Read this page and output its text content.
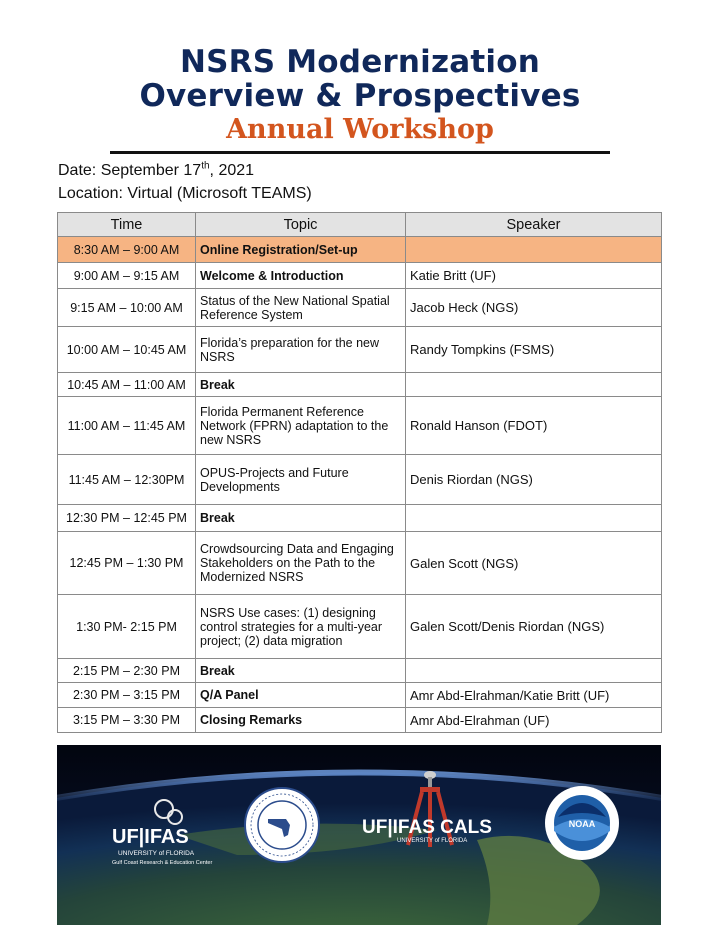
NSRS Modernization
Overview & Prospectives
Annual Workshop
Date: September 17th, 2021
Location: Virtual (Microsoft TEAMS)
Time	Topic	Speaker
8:30 AM – 9:00 AM	Online Registration/Set-up	
9:00 AM – 9:15 AM	Welcome & Introduction	Katie Britt (UF)
9:15 AM – 10:00 AM	Status of the New National Spatial Reference System	Jacob Heck (NGS)
10:00 AM – 10:45 AM	Florida’s preparation for the new NSRS	Randy Tompkins (FSMS)
10:45 AM – 11:00 AM	Break	
11:00 AM – 11:45 AM	Florida Permanent Reference Network (FPRN) adaptation to the new NSRS	Ronald Hanson (FDOT)
11:45 AM – 12:30PM	OPUS-Projects and Future Developments	Denis Riordan (NGS)
12:30 PM – 12:45 PM	Break	
12:45 PM – 1:30 PM	Crowdsourcing Data and Engaging Stakeholders on the Path to the Modernized NSRS	Galen Scott (NGS)
1:30 PM- 2:15 PM	NSRS Use cases: (1) designing control strategies for a multi-year project; (2) data migration	Galen Scott/Denis Riordan (NGS)
2:15 PM – 2:30 PM	Break	
2:30 PM – 3:15 PM	Q/A Panel	Amr Abd-Elrahman/Katie Britt (UF)
3:15 PM – 3:30 PM	Closing Remarks	Amr Abd-Elrahman (UF)
UF|IFAS
UNIVERSITY of FLORIDA
Gulf Coast Research & Education Center
UF|IFAS CALS
UNIVERSITY of FLORIDA
NOAA
